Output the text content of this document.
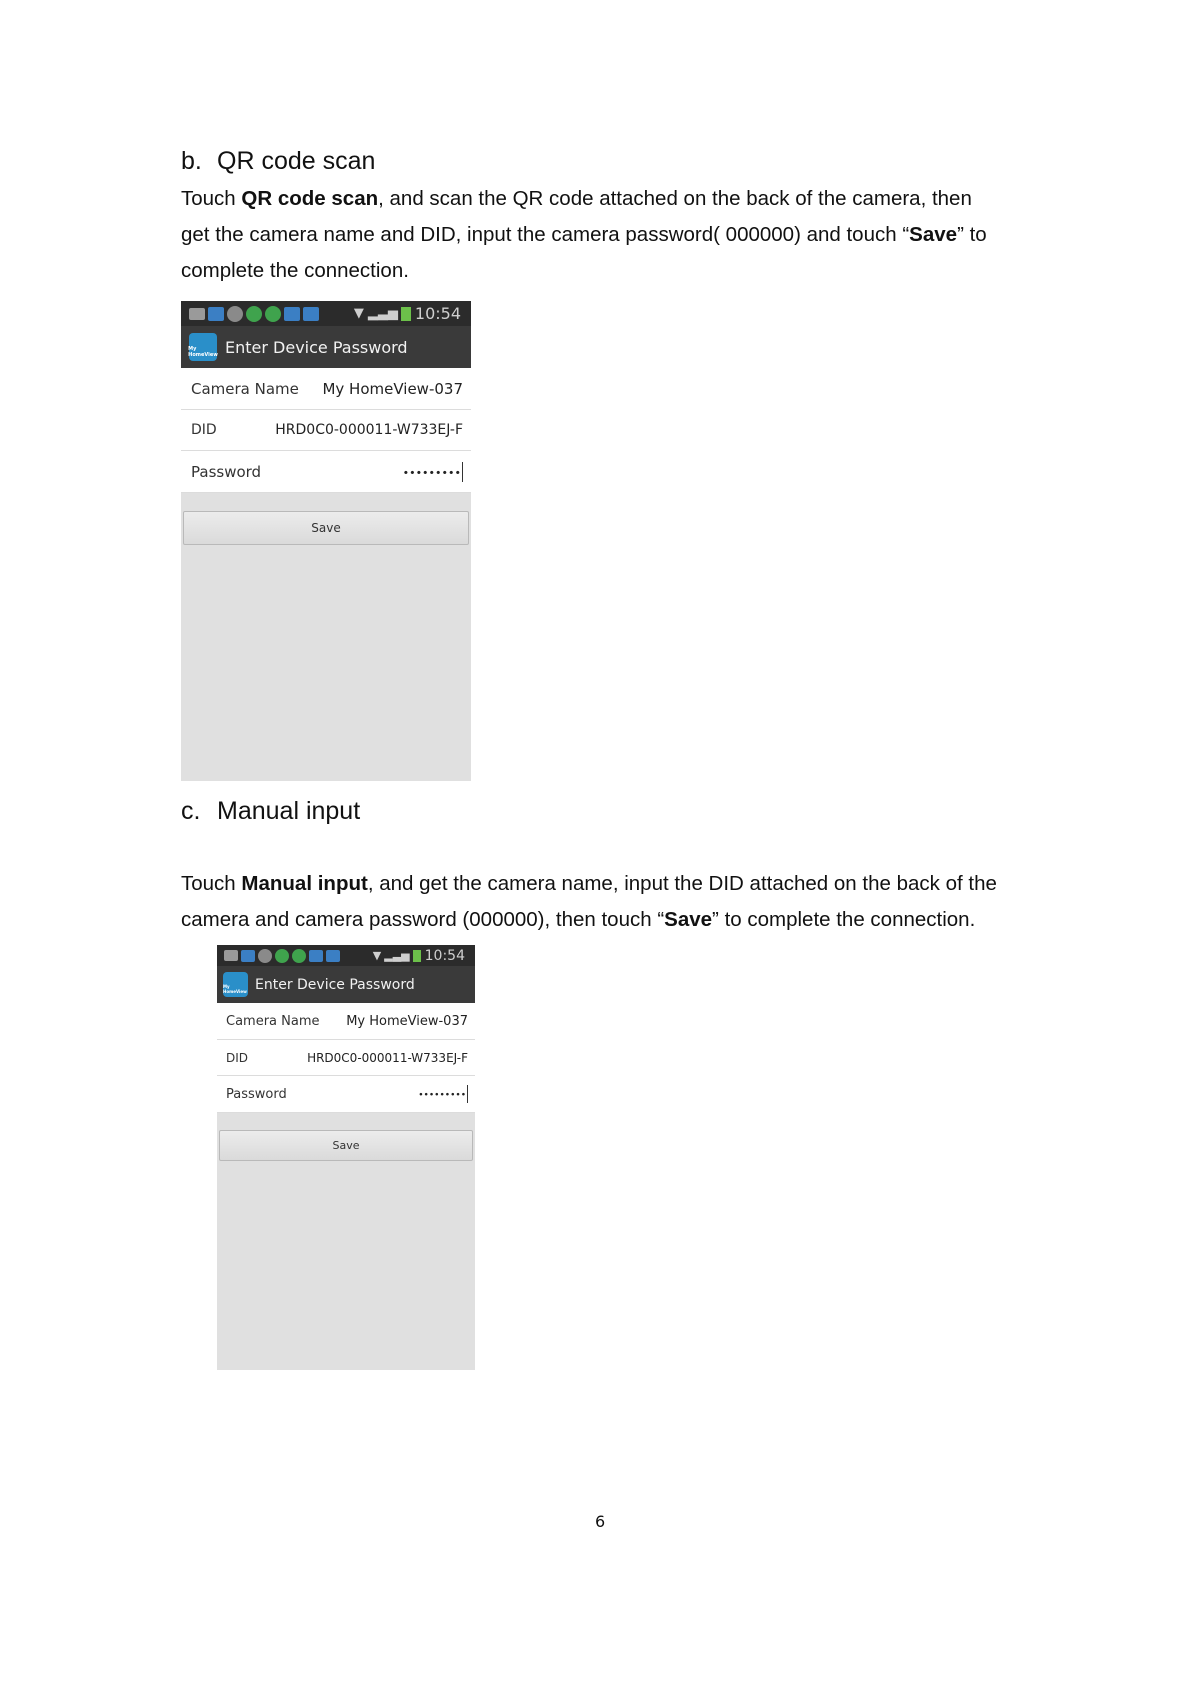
b. QR code scan
Touch QR code scan, and scan the QR code attached on the back of the camera, then
get the camera name and DID, input the camera password( 000000) and touch “Save” to
complete the connection.
▼ ▂▃▅ 10:54
My HomeView Enter Device Password
Camera Name My HomeView-037
DID	HRD0C0-000011-W733EJ-F
Password	•••••••••
Save
c. Manual input
Touch Manual input, and get the camera name, input the DID attached on the back of the
camera and camera password (000000), then touch “Save” to complete the connection.
▼ ▂▃▅ 10:54
My HomeView Enter Device Password
Camera Name My HomeView-037
DID	HRD0C0-000011-W733EJ-F
Password	•••••••••
Save
6
